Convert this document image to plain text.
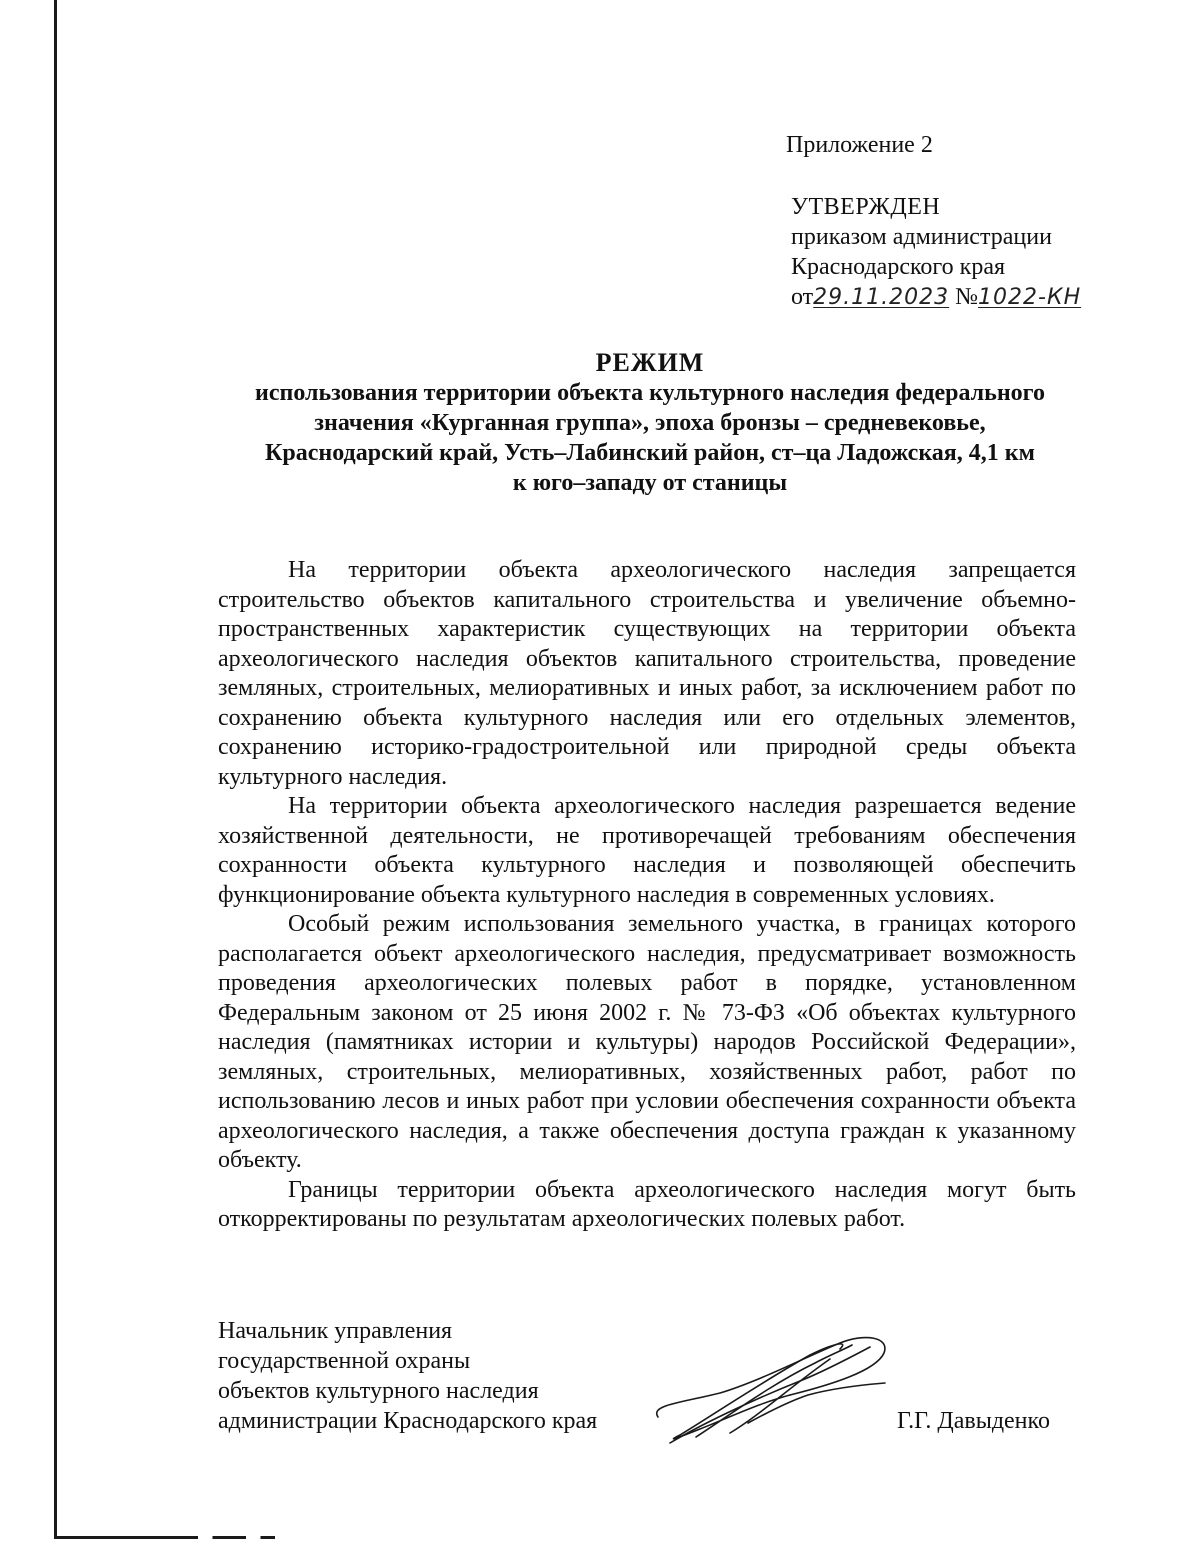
Приложение 2
УТВЕРЖДЕН
приказом администрации
Краснодарского края
от29.11.2023 №1022-КН
РЕЖИМ
использования территории объекта культурного наследия федерального
значения «Курганная группа», эпоха бронзы – средневековье,
Краснодарский край, Усть–Лабинский район, ст–ца Ладожская, 4,1 км
к юго–западу от станицы

На территории объекта археологического наследия запрещается строительство объектов капитального строительства и увеличение объемно-пространственных характеристик существующих на территории объекта археологического наследия объектов капитального строительства, проведение земляных, строительных, мелиоративных и иных работ, за исключением работ по сохранению объекта культурного наследия или его отдельных элементов, сохранению историко-градостроительной или природной среды объекта культурного наследия.

На территории объекта археологического наследия разрешается ведение хозяйственной деятельности, не противоречащей требованиям обеспечения сохранности объекта культурного наследия и позволяющей обеспечить функционирование объекта культурного наследия в современных условиях.

Особый режим использования земельного участка, в границах которого располагается объект археологического наследия, предусматривает возможность проведения археологических полевых работ в порядке, установленном Федеральным законом от 25 июня 2002 г. № 73-ФЗ «Об объектах культурного наследия (памятниках истории и культуры) народов Российской Федерации», земляных, строительных, мелиоративных, хозяйственных работ, работ по использованию лесов и иных работ при условии обеспечения сохранности объекта археологического наследия, а также обеспечения доступа граждан к указанному объекту.

Границы территории объекта археологического наследия могут быть откорректированы по результатам археологических полевых работ.

Начальник управления
государственной охраны
объектов культурного наследия
администрации Краснодарского края	Г.Г. Давыденко
